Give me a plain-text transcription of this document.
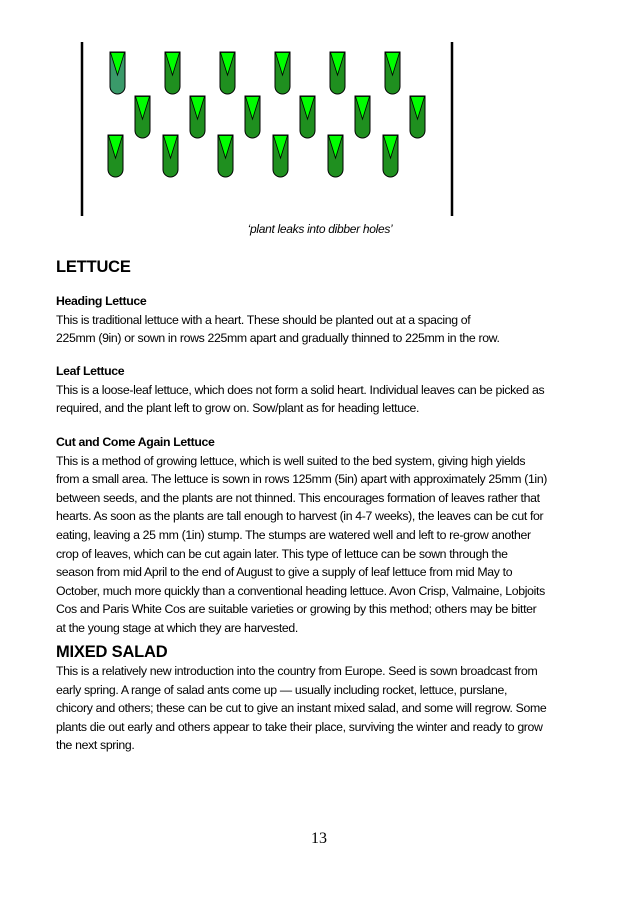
‘plant leaks into dibber holes’
LETTUCE

Heading Lettuce

This is traditional lettuce with a heart. These should be planted out at a spacing of

225mm (9in) or sown in rows 225mm apart and gradually thinned to 225mm in the row.

Leaf Lettuce

This is a loose-leaf lettuce, which does not form a solid heart. Individual leaves can be picked as

required, and the plant left to grow on. Sow/plant as for heading lettuce.

Cut and Come Again Lettuce

This is a method of growing lettuce, which is well suited to the bed system, giving high yields

from a small area. The lettuce is sown in rows 125mm (5in) apart with approximately 25mm (1in)

between seeds, and the plants are not thinned. This encourages formation of leaves rather that

hearts. As soon as the plants are tall enough to harvest (in 4-7 weeks), the leaves can be cut for

eating, leaving a 25 mm (1in) stump. The stumps are watered well and left to re-grow another

crop of leaves, which can be cut again later. This type of lettuce can be sown through the

season from mid April to the end of August to give a supply of leaf lettuce from mid May to

October, much more quickly than a conventional heading lettuce. Avon Crisp, Valmaine, Lobjoits

Cos and Paris White Cos are suitable varieties or growing by this method; others may be bitter

at the young stage at which they are harvested.

MIXED SALAD

This is a relatively new introduction into the country from Europe. Seed is sown broadcast from

early spring. A range of salad ants come up — usually including rocket, lettuce, purslane,

chicory and others; these can be cut to give an instant mixed salad, and some will regrow. Some

plants die out early and others appear to take their place, surviving the winter and ready to grow

the next spring.

13
